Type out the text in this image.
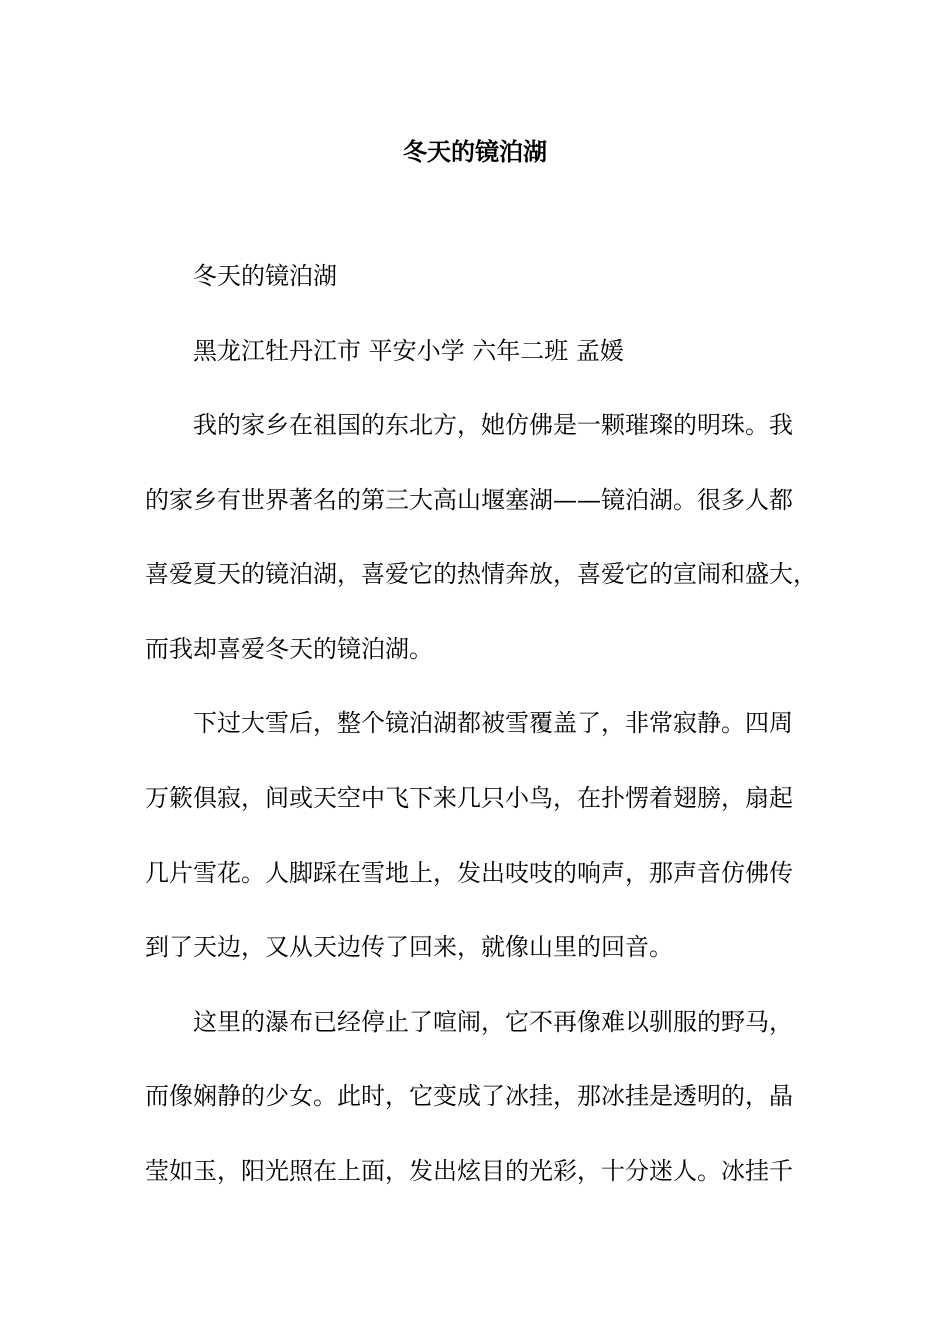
冬天的镜泊湖
冬天的镜泊湖
黑龙江牡丹江市 平安小学 六年二班 孟媛
我的家乡在祖国的东北方，她仿佛是一颗璀璨的明珠。我
的家乡有世界著名的第三大高山堰塞湖——镜泊湖。很多人都
喜爱夏天的镜泊湖，喜爱它的热情奔放，喜爱它的宣闹和盛大，
而我却喜爱冬天的镜泊湖。
下过大雪后，整个镜泊湖都被雪覆盖了，非常寂静。四周
万簌俱寂，间或天空中飞下来几只小鸟，在扑愣着翅膀，扇起
几片雪花。人脚踩在雪地上，发出吱吱的响声，那声音仿佛传
到了天边，又从天边传了回来，就像山里的回音。
这里的瀑布已经停止了喧闹，它不再像难以驯服的野马，
而像娴静的少女。此时，它变成了冰挂，那冰挂是透明的，晶
莹如玉，阳光照在上面，发出炫目的光彩，十分迷人。冰挂千
